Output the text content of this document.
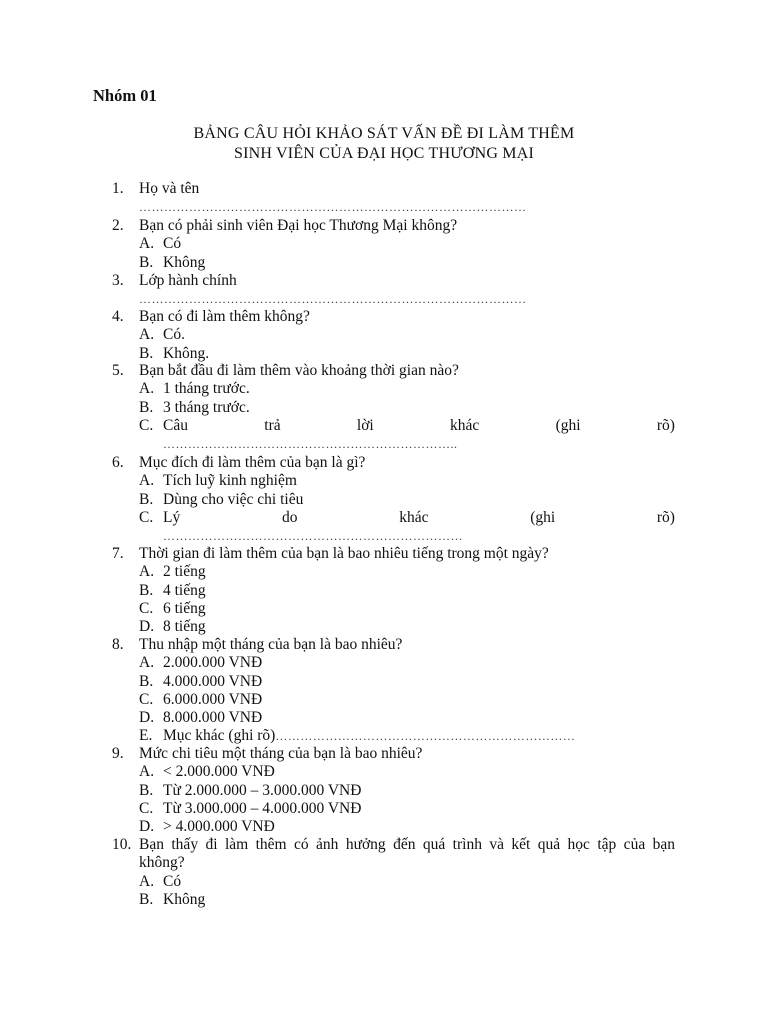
Nhóm 01
BẢNG CÂU HỎI KHẢO SÁT VẤN ĐỀ ĐI LÀM THÊM
SINH VIÊN CỦA ĐẠI HỌC THƯƠNG MẠI
1. Họ và tên
…………………………………………………………………………………
2. Bạn có phải sinh viên Đại học Thương Mại không?
A. Có
B. Không
3. Lớp hành chính
…………………………………………………………………………………
4. Bạn có đi làm thêm không?
A. Có.
B. Không.
5. Bạn bắt đầu đi làm thêm vào khoảng thời gian nào?
A. 1 tháng trước.
B. 3 tháng trước.
C. Câu	trả	lời	khác	(ghi	rõ)
……………………………………………………………..
6. Mục đích đi làm thêm của bạn là gì?
A. Tích luỹ kinh nghiệm
B. Dùng cho việc chi tiêu
C. Lý	do	khác	(ghi	rõ)
………………………………………………………………
7. Thời gian đi làm thêm của bạn là bao nhiêu tiếng trong một ngày?
A. 2 tiếng
B. 4 tiếng
C. 6 tiếng
D. 8 tiếng
8. Thu nhập một tháng của bạn là bao nhiêu?
A. 2.000.000 VNĐ
B. 4.000.000 VNĐ
C. 6.000.000 VNĐ
D. 8.000.000 VNĐ
E. Mục khác (ghi rõ)………………………………………………………………
9. Mức chi tiêu một tháng của bạn là bao nhiêu?
A. < 2.000.000 VNĐ
B. Từ 2.000.000 – 3.000.000 VNĐ
C. Từ 3.000.000 – 4.000.000 VNĐ
D. > 4.000.000 VNĐ
10. Bạn thấy đi làm thêm có ảnh hưởng đến quá trình và kết quả học tập của bạn
không?
A. Có
B. Không
